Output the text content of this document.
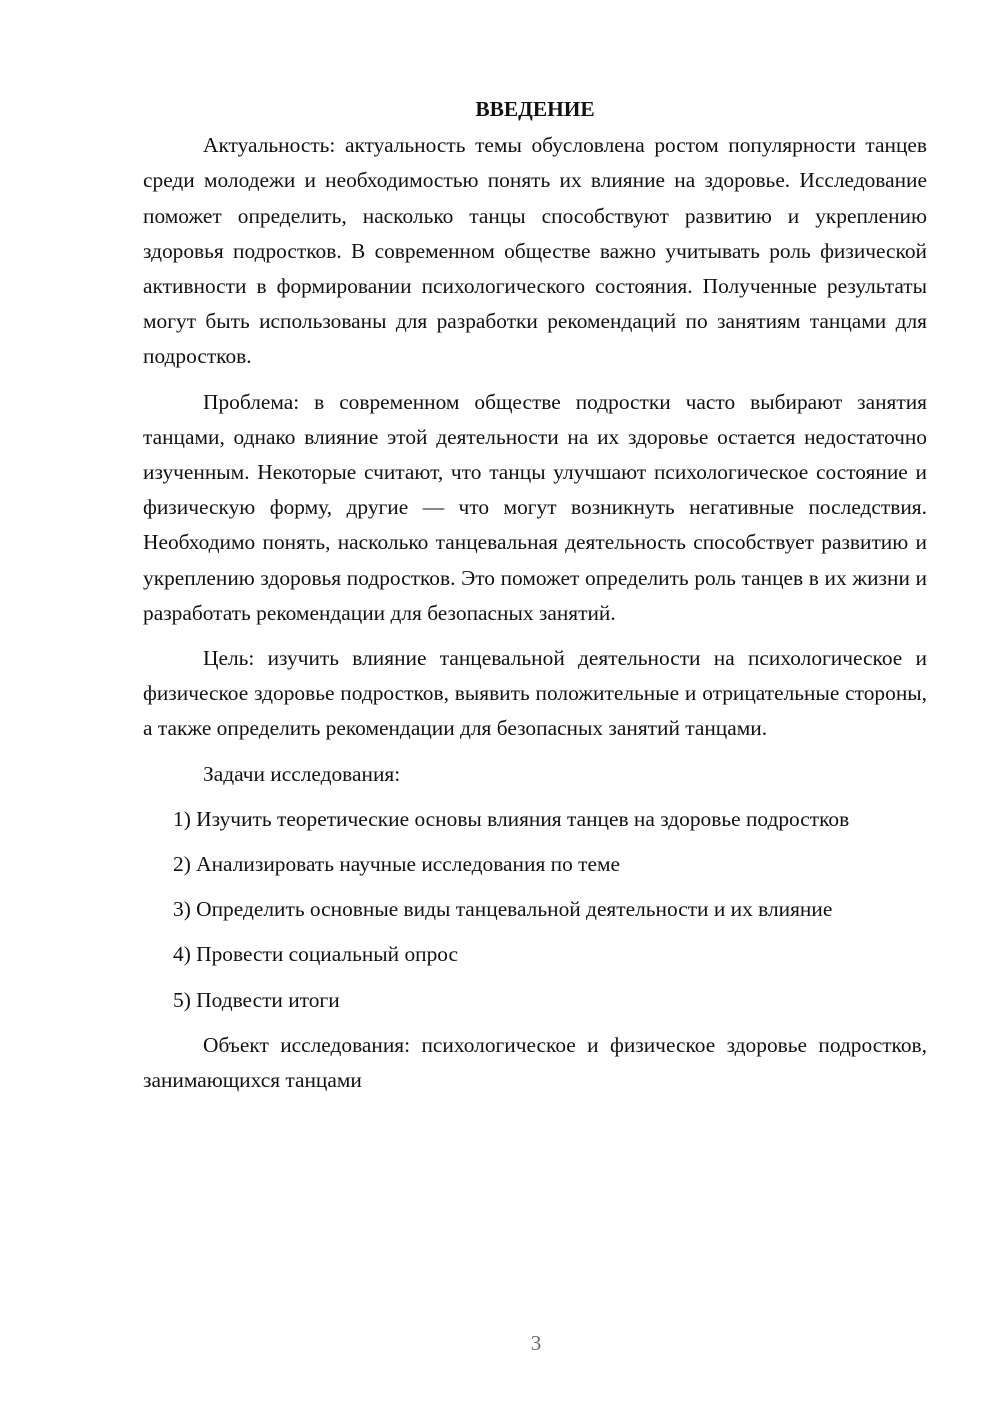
ВВЕДЕНИЕ

Актуальность: актуальность темы обусловлена ростом популярности танцев среди молодежи и необходимостью понять их влияние на здоровье. Исследование поможет определить, насколько танцы способствуют развитию и укреплению здоровья подростков. В современном обществе важно учитывать роль физической активности в формировании психологического состояния. Полученные результаты могут быть использованы для разработки рекомендаций по занятиям танцами для подростков.

Проблема: в современном обществе подростки часто выбирают занятия танцами, однако влияние этой деятельности на их здоровье остается недостаточно изученным. Некоторые считают, что танцы улучшают психологическое состояние и физическую форму, другие — что могут возникнуть негативные последствия. Необходимо понять, насколько танцевальная деятельность способствует развитию и укреплению здоровья подростков. Это поможет определить роль танцев в их жизни и разработать рекомендации для безопасных занятий.

Цель: изучить влияние танцевальной деятельности на психологическое и физическое здоровье подростков, выявить положительные и отрицательные стороны, а также определить рекомендации для безопасных занятий танцами.

Задачи исследования:

1) Изучить теоретические основы влияния танцев на здоровье подростков

2) Анализировать научные исследования по теме

3) Определить основные виды танцевальной деятельности и их влияние

4) Провести социальный опрос

5) Подвести итоги

Объект исследования: психологическое и физическое здоровье подростков, занимающихся танцами

3
